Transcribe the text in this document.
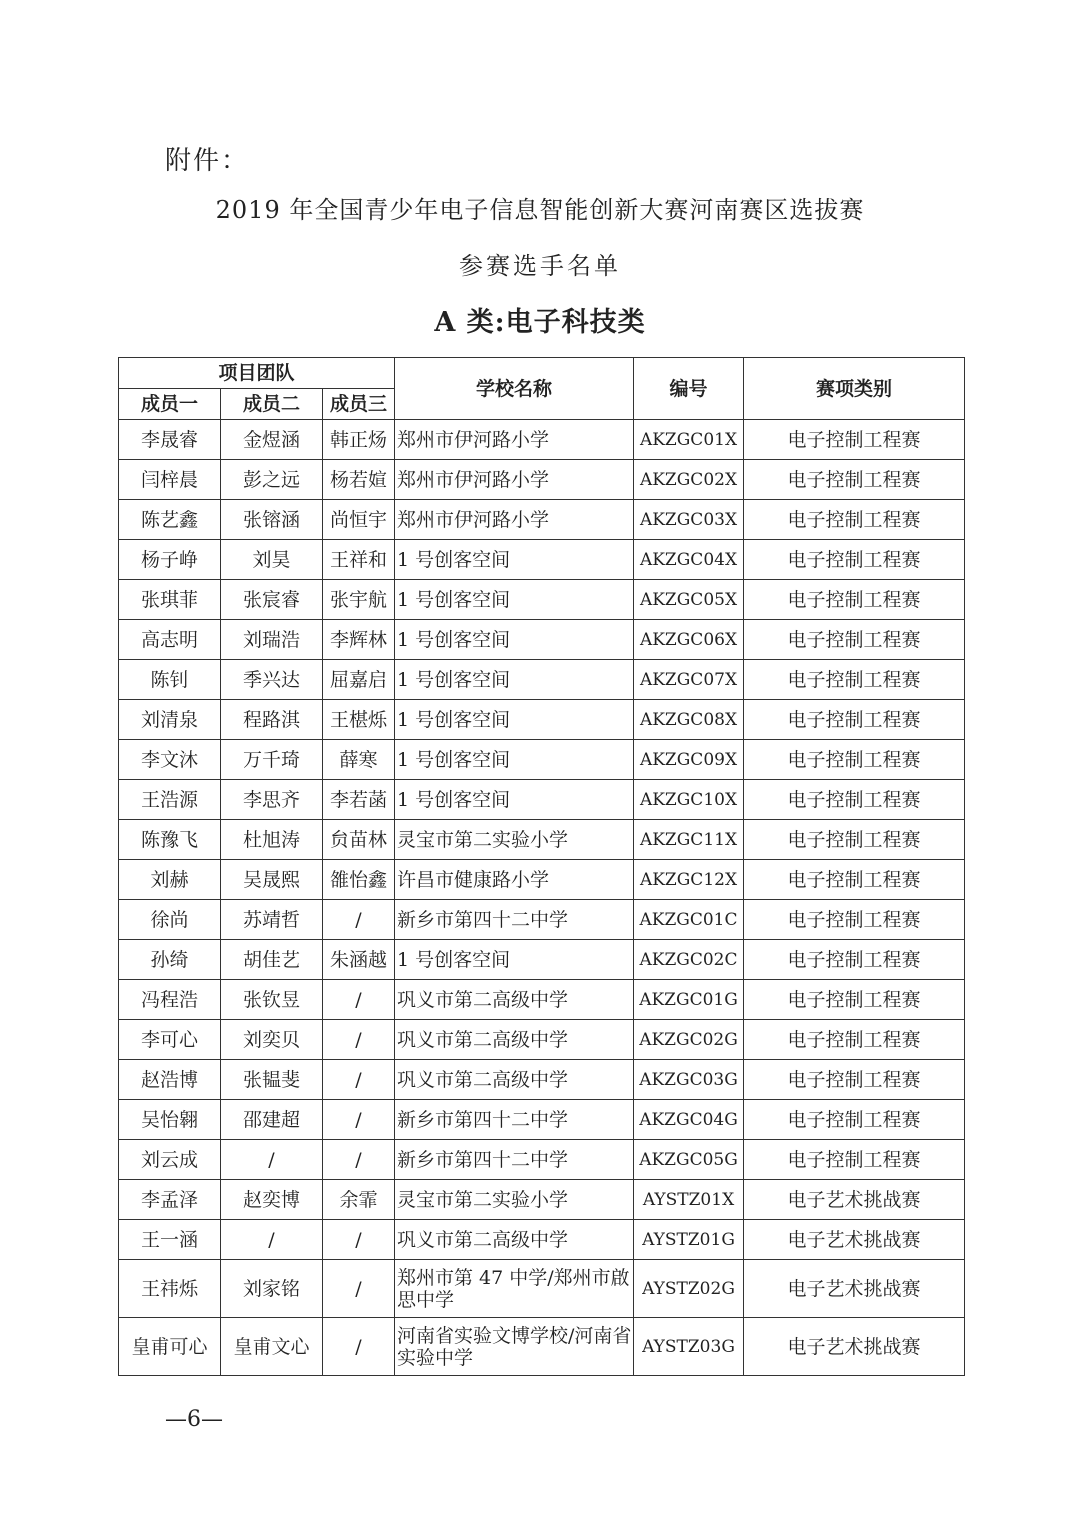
附件：
2019 年全国青少年电子信息智能创新大赛河南赛区选拔赛
参赛选手名单
A 类:电子科技类
项目团队			学校名称	编号	赛项类别
成员一	成员二	成员三			
李晟睿	金煜涵	韩正炀	郑州市伊河路小学	AKZGC01X	电子控制工程赛
闫梓晨	彭之远	杨若媗	郑州市伊河路小学	AKZGC02X	电子控制工程赛
陈艺鑫	张镕涵	尚恒宇	郑州市伊河路小学	AKZGC03X	电子控制工程赛
杨子峥	刘昊	王祥和	1 号创客空间	AKZGC04X	电子控制工程赛
张琪菲	张宸睿	张宇航	1 号创客空间	AKZGC05X	电子控制工程赛
高志明	刘瑞浩	李辉林	1 号创客空间	AKZGC06X	电子控制工程赛
陈钊	季兴达	屈嘉启	1 号创客空间	AKZGC07X	电子控制工程赛
刘清泉	程路淇	王椹烁	1 号创客空间	AKZGC08X	电子控制工程赛
李文沐	万千琦	薛寒	1 号创客空间	AKZGC09X	电子控制工程赛
王浩源	李思齐	李若菡	1 号创客空间	AKZGC10X	电子控制工程赛
陈豫飞	杜旭涛	贠苗林	灵宝市第二实验小学	AKZGC11X	电子控制工程赛
刘赫	吴晟熙	雒怡鑫	许昌市健康路小学	AKZGC12X	电子控制工程赛
徐尚	苏靖哲	/	新乡市第四十二中学	AKZGC01C	电子控制工程赛
孙绮	胡佳艺	朱涵越	1 号创客空间	AKZGC02C	电子控制工程赛
冯程浩	张钦昱	/	巩义市第二高级中学	AKZGC01G	电子控制工程赛
李可心	刘奕贝	/	巩义市第二高级中学	AKZGC02G	电子控制工程赛
赵浩博	张韫斐	/	巩义市第二高级中学	AKZGC03G	电子控制工程赛
吴怡翱	邵建超	/	新乡市第四十二中学	AKZGC04G	电子控制工程赛
刘云成	/	/	新乡市第四十二中学	AKZGC05G	电子控制工程赛
李孟泽	赵奕博	余霏	灵宝市第二实验小学	AYSTZ01X	电子艺术挑战赛
王一涵	/	/	巩义市第二高级中学	AYSTZ01G	电子艺术挑战赛
王祎烁	刘家铭	/	郑州市第 47 中学/郑州市啟思中学	AYSTZ02G	电子艺术挑战赛
皇甫可心	皇甫文心	/	河南省实验文博学校/河南省实验中学	AYSTZ03G	电子艺术挑战赛
—6—
